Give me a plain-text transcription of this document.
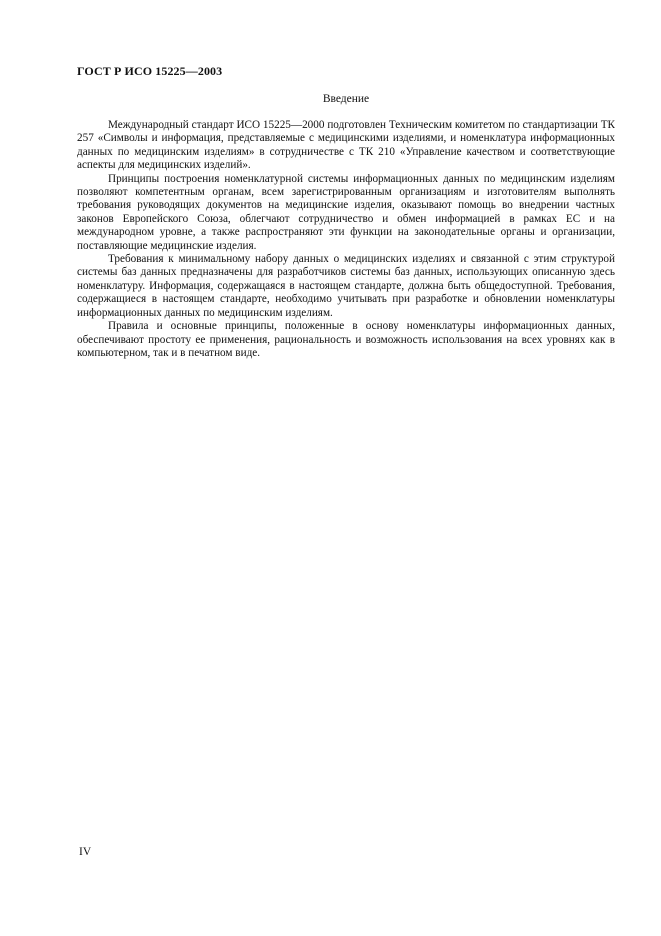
ГОСТ Р ИСО 15225—2003
Введение

Международный стандарт ИСО 15225—2000 подготовлен Техническим комитетом по стандартизации ТК 257 «Символы и информация, представляемые с медицинскими изделиями, и номенклатура информационных данных по медицинским изделиям» в сотрудничестве с ТК 210 «Управление качеством и соответствующие аспекты для медицинских изделий».

Принципы построения номенклатурной системы информационных данных по медицинским изделиям позволяют компетентным органам, всем зарегистрированным организациям и изготовителям выполнять требования руководящих документов на медицинские изделия, оказывают помощь во внедрении частных законов Европейского Союза, облегчают сотрудничество и обмен информацией в рамках ЕС и на международном уровне, а также распространяют эти функции на законодательные органы и организации, поставляющие медицинские изделия.

Требования к минимальному набору данных о медицинских изделиях и связанной с этим структурой системы баз данных предназначены для разработчиков системы баз данных, использующих описанную здесь номенклатуру. Информация, содержащаяся в настоящем стандарте, должна быть общедоступной. Требования, содержащиеся в настоящем стандарте, необходимо учитывать при разработке и обновлении номенклатуры информационных данных по медицинским изделиям.

Правила и основные принципы, положенные в основу номенклатуры информационных данных, обеспечивают простоту ее применения, рациональность и возможность использования на всех уровнях как в компьютерном, так и в печатном виде.

IV
